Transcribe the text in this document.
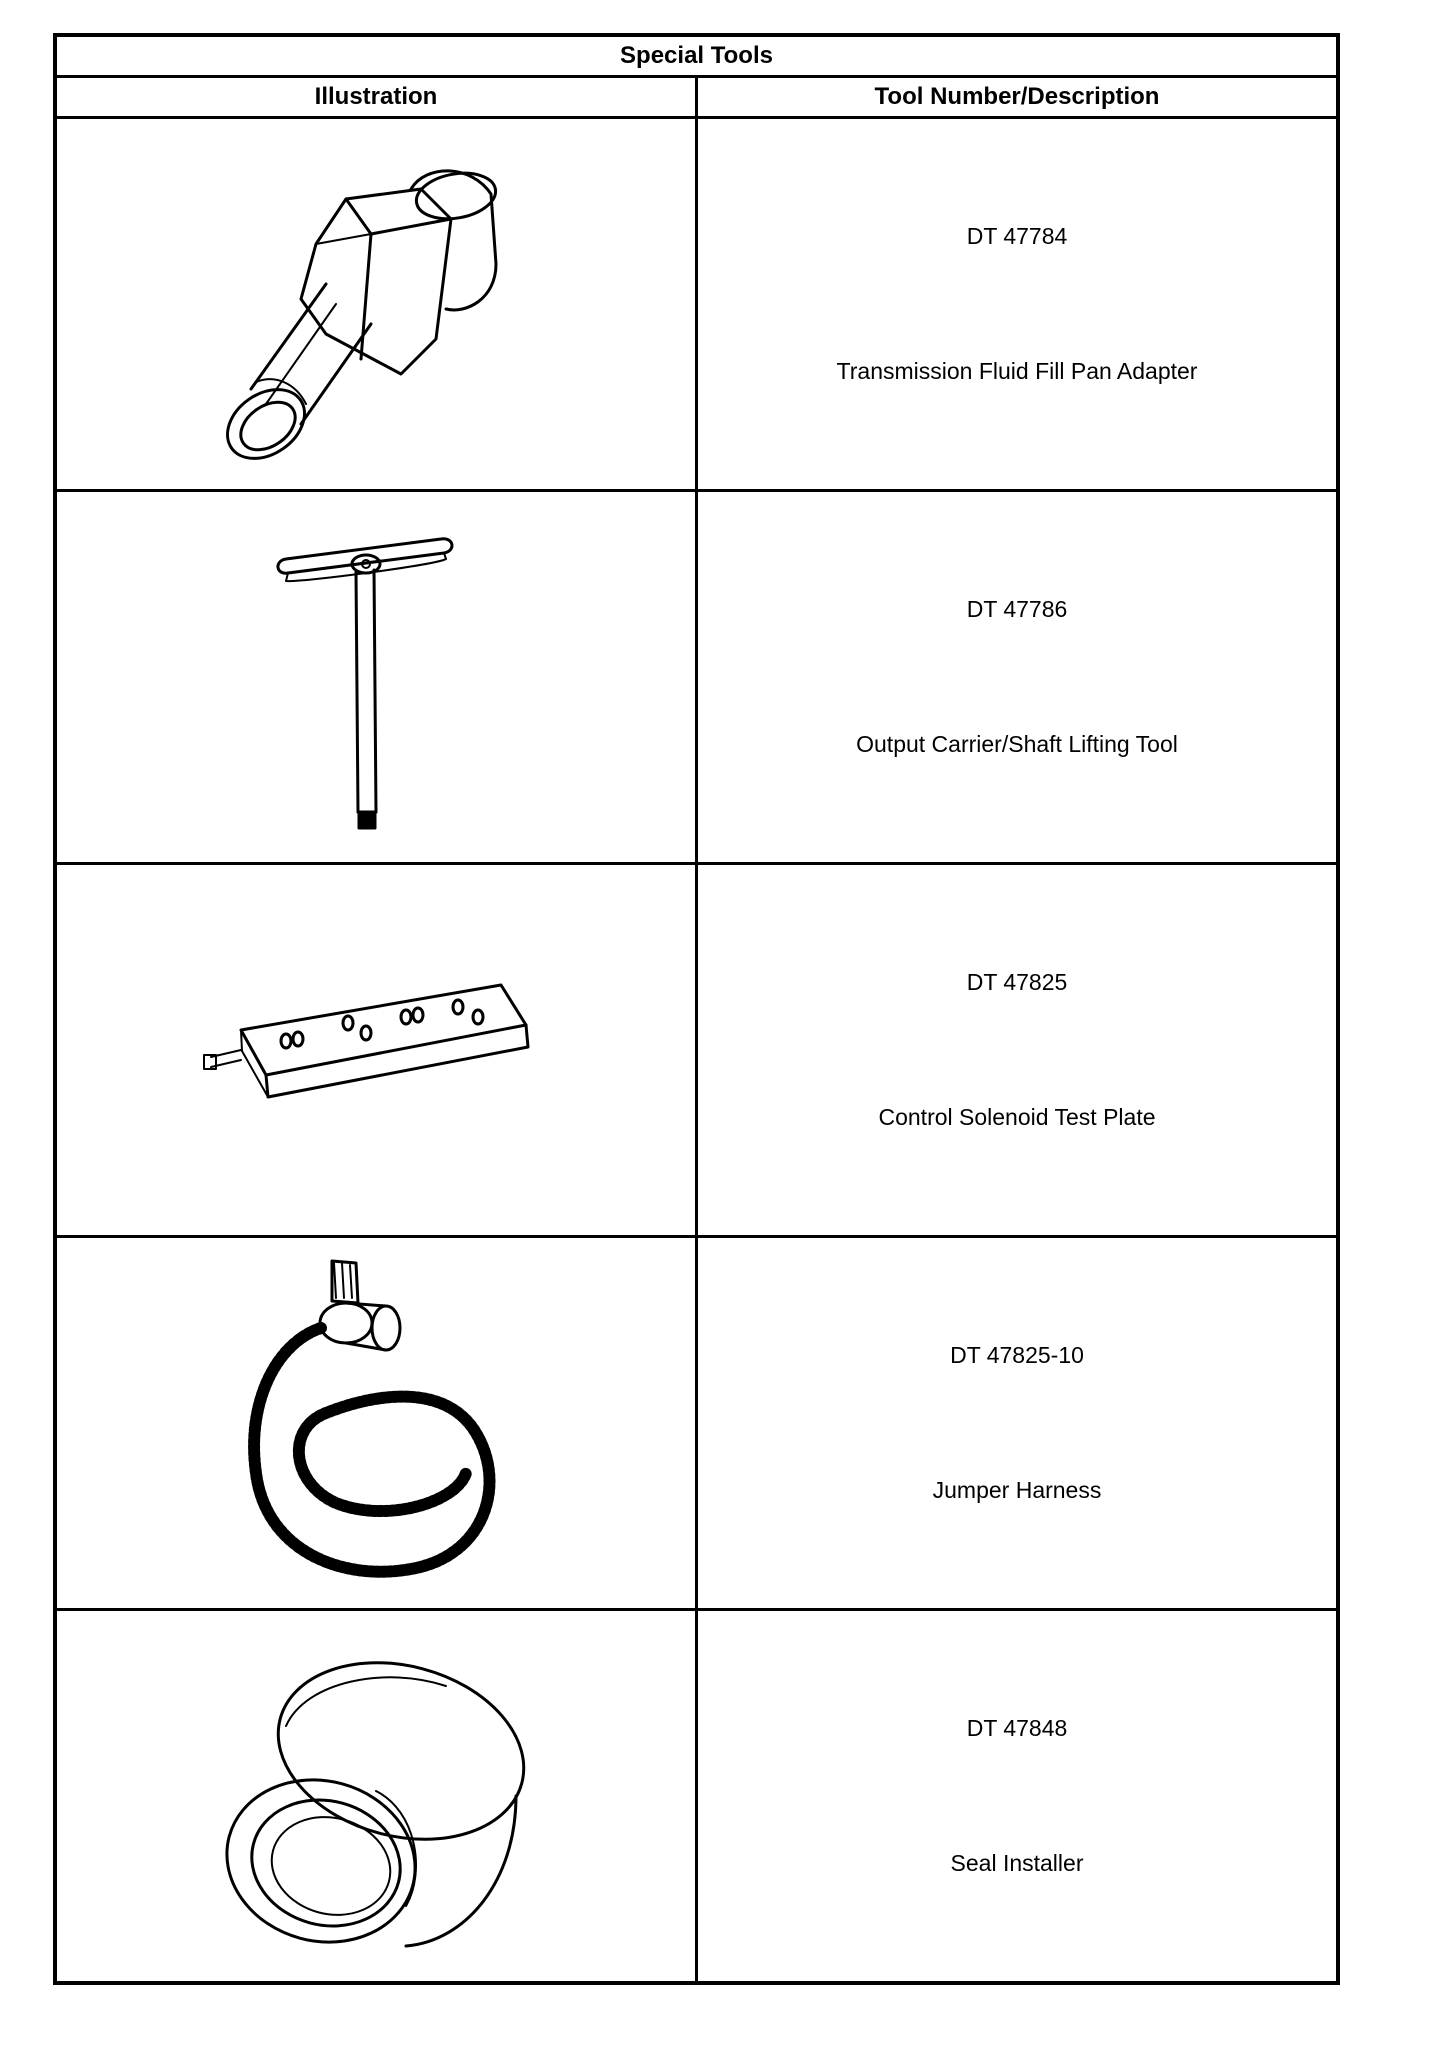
Special Tools	
Illustration	Tool Number/Description

DT 47784
Transmission Fluid Fill Pan Adapter

DT 47786
Output Carrier/Shaft Lifting Tool

DT 47825
Control Solenoid Test Plate

DT 47825-10
Jumper Harness

DT 47848
Seal Installer
